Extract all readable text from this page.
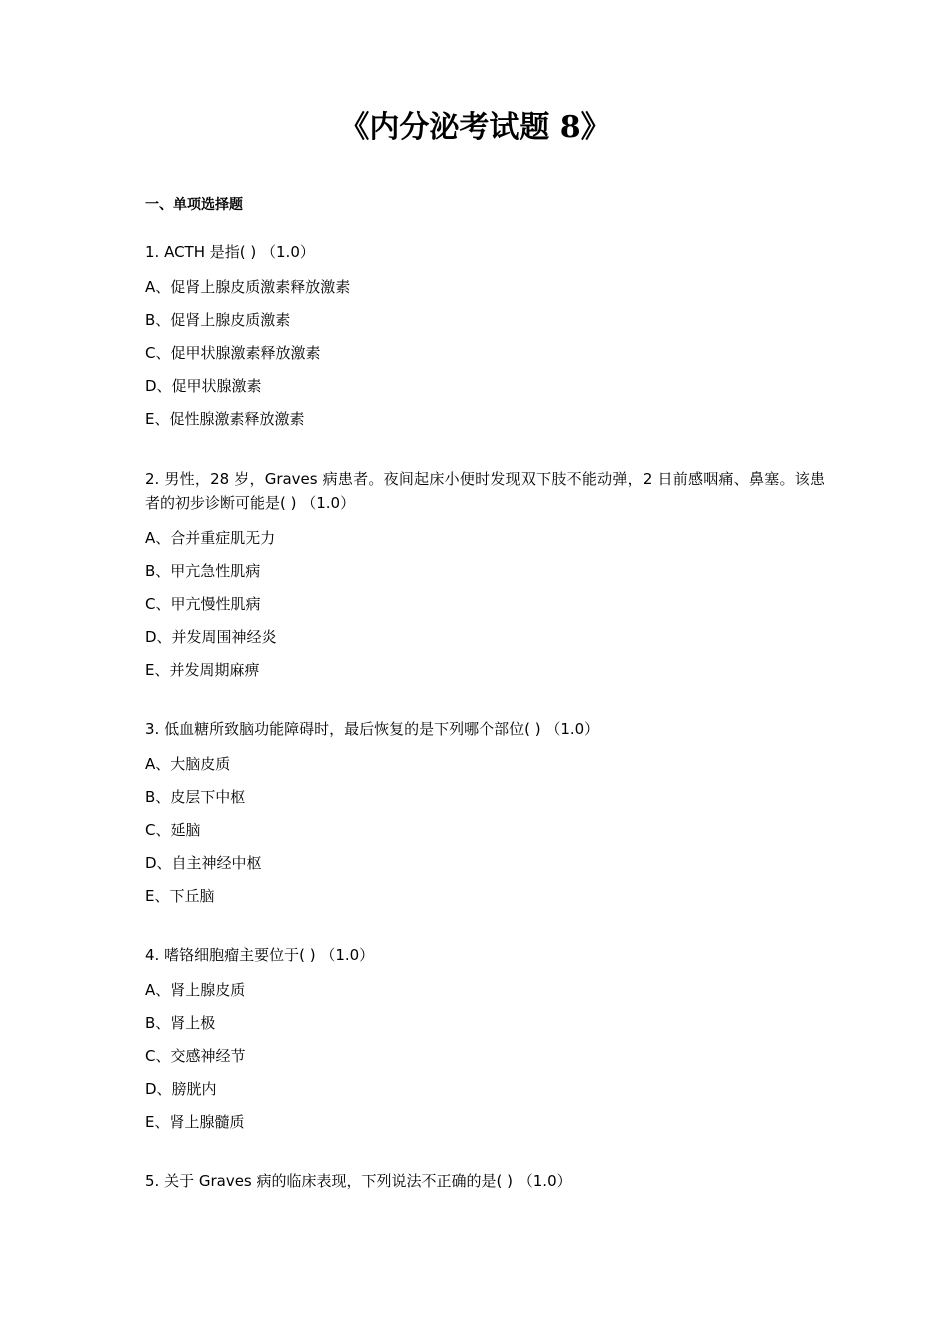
《内分泌考试题 8》
一、单项选择题

1. ACTH 是指( ) （1.0）

A、促肾上腺皮质激素释放激素
B、促肾上腺皮质激素
C、促甲状腺激素释放激素
D、促甲状腺激素
E、促性腺激素释放激素

2. 男性，28 岁，Graves 病患者。夜间起床小便时发现双下肢不能动弹，2 日前感咽痛、鼻塞。该患者的初步诊断可能是( ) （1.0）

A、合并重症肌无力
B、甲亢急性肌病
C、甲亢慢性肌病
D、并发周围神经炎
E、并发周期麻痹

3. 低血糖所致脑功能障碍时，最后恢复的是下列哪个部位( ) （1.0）

A、大脑皮质
B、皮层下中枢
C、延脑
D、自主神经中枢
E、下丘脑

4. 嗜铬细胞瘤主要位于( ) （1.0）

A、肾上腺皮质
B、肾上极
C、交感神经节
D、膀胱内
E、肾上腺髓质

5. 关于 Graves 病的临床表现，下列说法不正确的是( ) （1.0）
